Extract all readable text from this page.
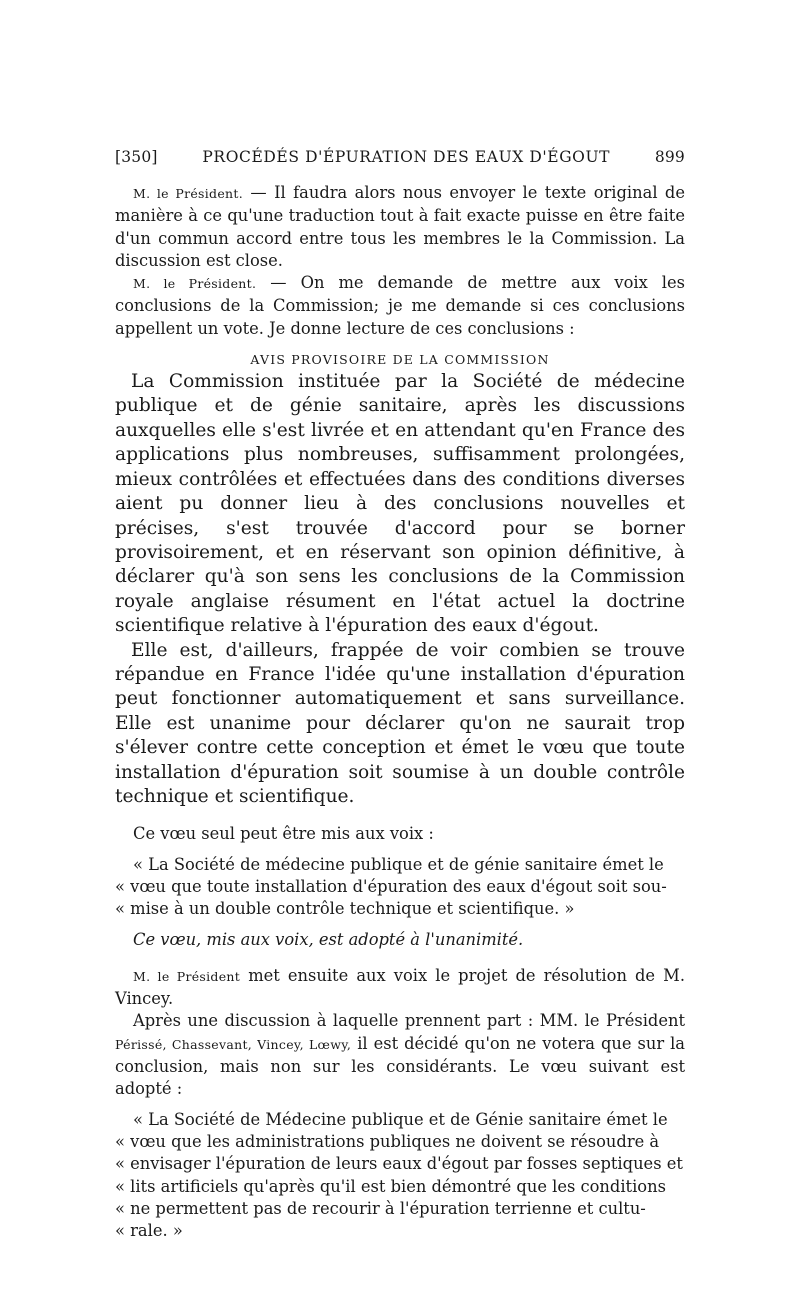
[350]	PROCÉDÉS D'ÉPURATION DES EAUX D'ÉGOUT	899

M. le Président. — Il faudra alors nous envoyer le texte original de manière à ce qu'une traduction tout à fait exacte puisse en être faite d'un commun accord entre tous les membres le la Commission. La discussion est close.

M. le Président. — On me demande de mettre aux voix les conclusions de la Commission; je me demande si ces conclusions appellent un vote. Je donne lecture de ces conclusions :

AVIS PROVISOIRE DE LA COMMISSION

La Commission instituée par la Société de médecine publique et de génie sanitaire, après les discussions auxquelles elle s'est livrée et en attendant qu'en France des applications plus nombreuses, suffisamment prolongées, mieux contrôlées et effectuées dans des conditions diverses aient pu donner lieu à des conclusions nouvelles et précises, s'est trouvée d'accord pour se borner provisoirement, et en réservant son opinion définitive, à déclarer qu'à son sens les conclusions de la Commission royale anglaise résument en l'état actuel la doctrine scientifique relative à l'épuration des eaux d'égout.

Elle est, d'ailleurs, frappée de voir combien se trouve répandue en France l'idée qu'une installation d'épuration peut fonctionner automatiquement et sans surveillance. Elle est unanime pour déclarer qu'on ne saurait trop s'élever contre cette conception et émet le vœu que toute installation d'épuration soit soumise à un double contrôle technique et scientifique.

Ce vœu seul peut être mis aux voix :

« La Société de médecine publique et de génie sanitaire émet le

« vœu que toute installation d'épuration des eaux d'égout soit sou-

« mise à un double contrôle technique et scientifique. »

Ce vœu, mis aux voix, est adopté à l'unanimité.

M. le Président met ensuite aux voix le projet de résolution de M. Vincey.

Après une discussion à laquelle prennent part : MM. le Président Périssé, Chassevant, Vincey, Lœwy, il est décidé qu'on ne votera que sur la conclusion, mais non sur les considérants. Le vœu suivant est adopté :

« La Société de Médecine publique et de Génie sanitaire émet le

« vœu que les administrations publiques ne doivent se résoudre à

« envisager l'épuration de leurs eaux d'égout par fosses septiques et

« lits artificiels qu'après qu'il est bien démontré que les conditions

« ne permettent pas de recourir à l'épuration terrienne et cultu-

« rale. »
